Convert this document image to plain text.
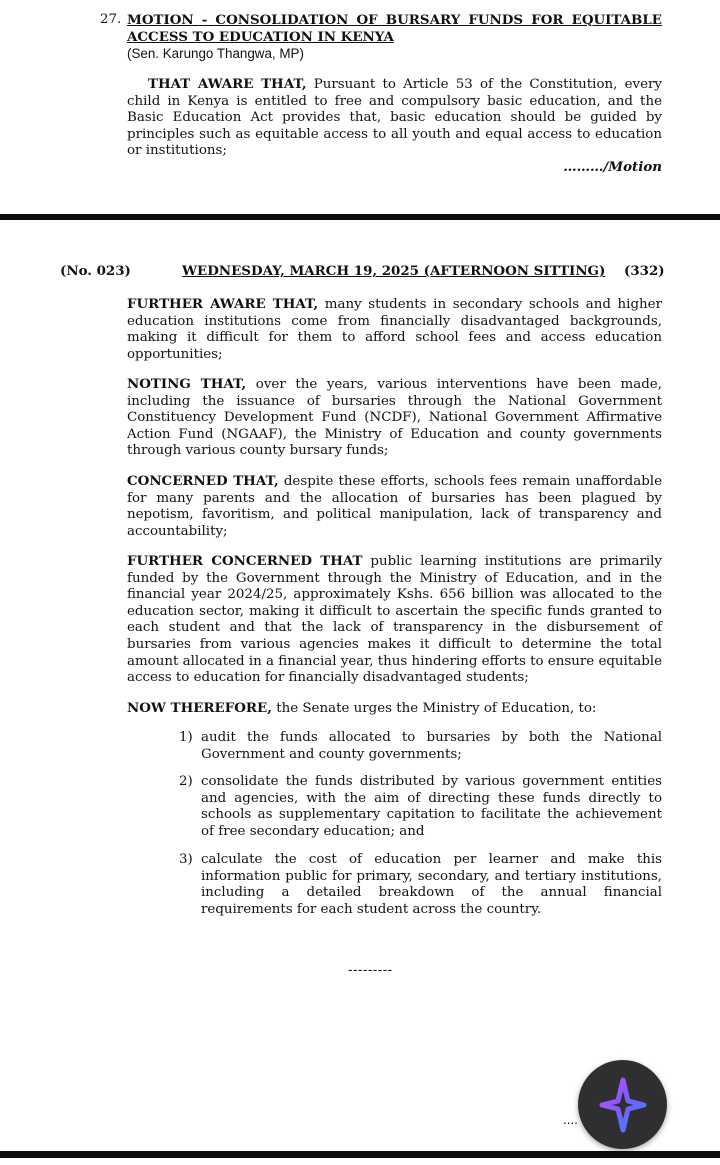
27. MOTION - CONSOLIDATION OF BURSARY FUNDS FOR EQUITABLE ACCESS TO EDUCATION IN KENYA
(Sen. Karungo Thangwa, MP)
THAT AWARE THAT, Pursuant to Article 53 of the Constitution, every child in Kenya is entitled to free and compulsory basic education, and the Basic Education Act provides that, basic education should be guided by principles such as equitable access to all youth and equal access to education or institutions;
………/Motion
(No. 023)	WEDNESDAY, MARCH 19, 2025 (AFTERNOON SITTING) (332)
FURTHER AWARE THAT, many students in secondary schools and higher education institutions come from financially disadvantaged backgrounds, making it difficult for them to afford school fees and access education opportunities;
NOTING THAT, over the years, various interventions have been made, including the issuance of bursaries through the National Government Constituency Development Fund (NCDF), National Government Affirmative Action Fund (NGAAF), the Ministry of Education and county governments through various county bursary funds;
CONCERNED THAT, despite these efforts, schools fees remain unaffordable for many parents and the allocation of bursaries has been plagued by nepotism, favoritism, and political manipulation, lack of transparency and accountability;
FURTHER CONCERNED THAT public learning institutions are primarily funded by the Government through the Ministry of Education, and in the financial year 2024/25, approximately Kshs. 656 billion was allocated to the education sector, making it difficult to ascertain the specific funds granted to each student and that the lack of transparency in the disbursement of bursaries from various agencies makes it difficult to determine the total amount allocated in a financial year, thus hindering efforts to ensure equitable access to education for financially disadvantaged students;
NOW THEREFORE, the Senate urges the Ministry of Education, to:
1) audit the funds allocated to bursaries by both the National Government and county governments;
2) consolidate the funds distributed by various government entities and agencies, with the aim of directing these funds directly to schools as supplementary capitation to facilitate the achievement of free secondary education; and
3) calculate the cost of education per learner and make this information public for primary, secondary, and tertiary institutions, including a detailed breakdown of the annual financial requirements for each student across the country.
---------
....
